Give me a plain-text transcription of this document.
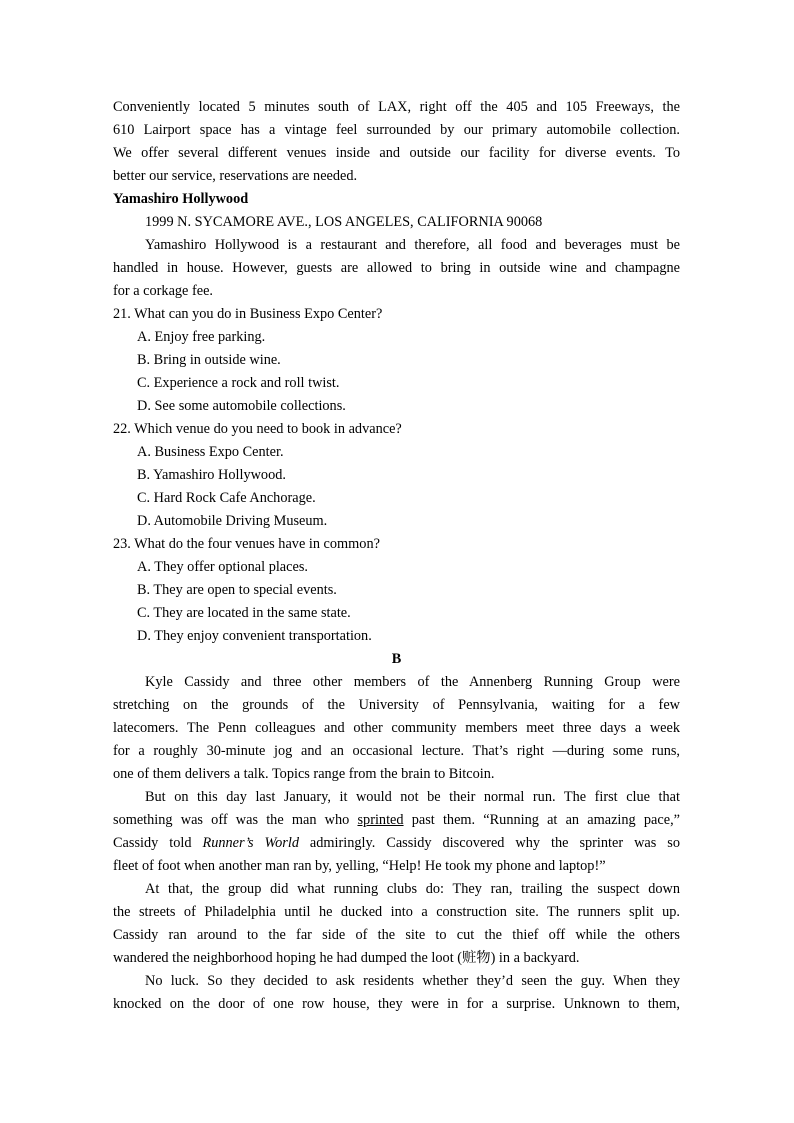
Conveniently located 5 minutes south of LAX, right off the 405 and 105 Freeways, the

610 Lairport space has a vintage feel surrounded by our primary automobile collection.

We offer several different venues inside and outside our facility for diverse events. To

better our service, reservations are needed.

Yamashiro Hollywood

1999 N. SYCAMORE AVE., LOS ANGELES, CALIFORNIA 90068

Yamashiro Hollywood is a restaurant and therefore, all food and beverages must be

handled in house. However, guests are allowed to bring in outside wine and champagne

for a corkage fee.

21. What can you do in Business Expo Center?

A. Enjoy free parking.

B. Bring in outside wine.

C. Experience a rock and roll twist.

D. See some automobile collections.

22. Which venue do you need to book in advance?

A. Business Expo Center.

B. Yamashiro Hollywood.

C. Hard Rock Cafe Anchorage.

D. Automobile Driving Museum.

23. What do the four venues have in common?

A. They offer optional places.

B. They are open to special events.

C. They are located in the same state.

D. They enjoy convenient transportation.

B

Kyle Cassidy and three other members of the Annenberg Running Group were

stretching on the grounds of the University of Pennsylvania, waiting for a few

latecomers. The Penn colleagues and other community members meet three days a week

for a roughly 30-minute jog and an occasional lecture. That’s right —during some runs,

one of them delivers a talk. Topics range from the brain to Bitcoin.

But on this day last January, it would not be their normal run. The first clue that

something was off was the man who sprinted past them. “Running at an amazing pace,”

Cassidy told Runner’s World admiringly. Cassidy discovered why the sprinter was so

fleet of foot when another man ran by, yelling, “Help! He took my phone and laptop!”

At that, the group did what running clubs do: They ran, trailing the suspect down

the streets of Philadelphia until he ducked into a construction site. The runners split up.

Cassidy ran around to the far side of the site to cut the thief off while the others

wandered the neighborhood hoping he had dumped the loot (赃物) in a backyard.

No luck. So they decided to ask residents whether they’d seen the guy. When they

knocked on the door of one row house, they were in for a surprise. Unknown to them,
